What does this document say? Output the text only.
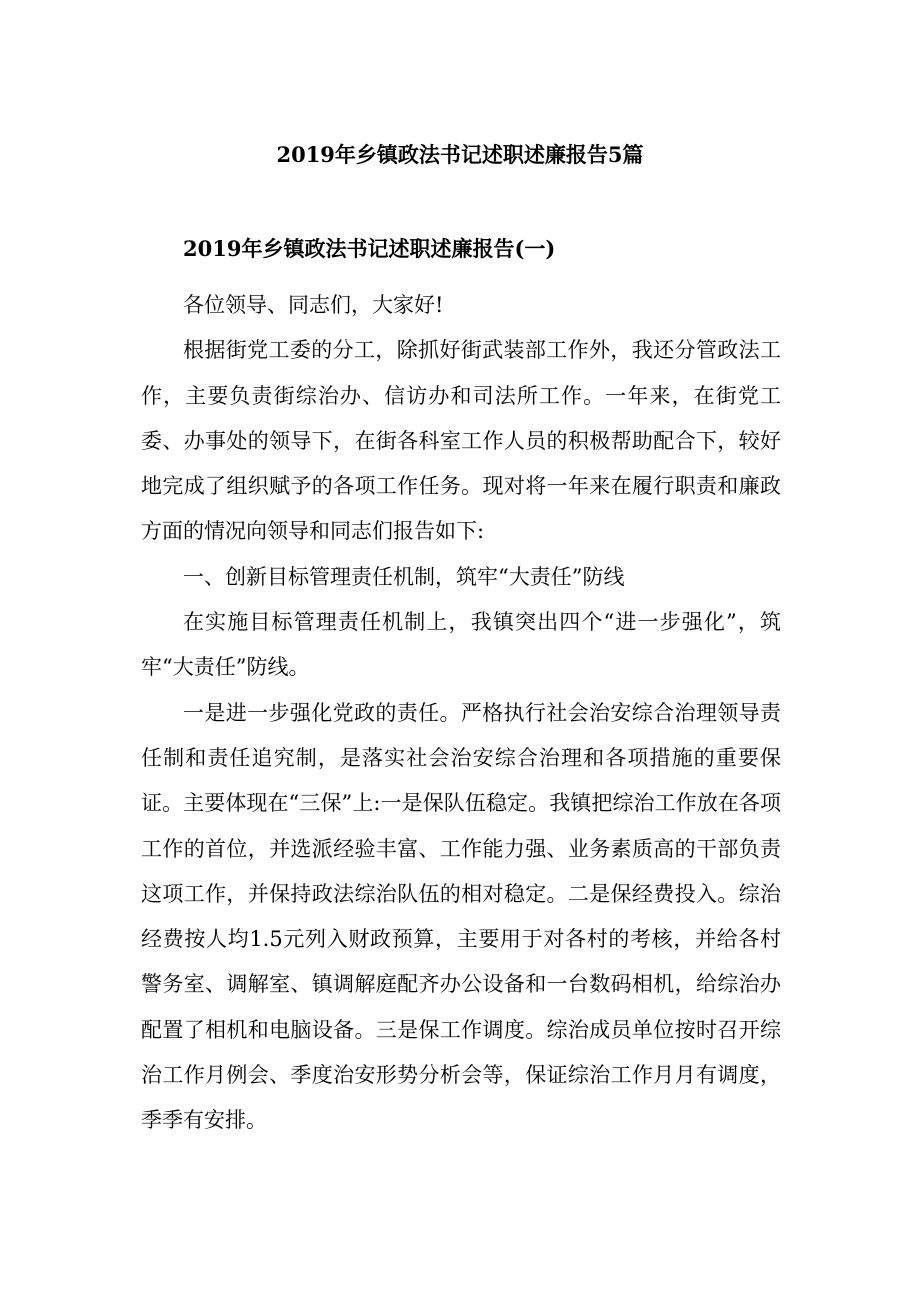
2019年乡镇政法书记述职述廉报告5篇
2019年乡镇政法书记述职述廉报告(一)

各位领导、同志们，大家好!

根据街党工委的分工，除抓好街武装部工作外，我还分管政法工作，主要负责街综治办、信访办和司法所工作。一年来，在街党工委、办事处的领导下，在街各科室工作人员的积极帮助配合下，较好地完成了组织赋予的各项工作任务。现对将一年来在履行职责和廉政方面的情况向领导和同志们报告如下:

一、创新目标管理责任机制，筑牢“大责任”防线

在实施目标管理责任机制上，我镇突出四个“进一步强化”，筑牢“大责任”防线。

一是进一步强化党政的责任。严格执行社会治安综合治理领导责任制和责任追究制，是落实社会治安综合治理和各项措施的重要保证。主要体现在“三保”上:一是保队伍稳定。我镇把综治工作放在各项工作的首位，并选派经验丰富、工作能力强、业务素质高的干部负责这项工作，并保持政法综治队伍的相对稳定。二是保经费投入。综治经费按人均1.5元列入财政预算，主要用于对各村的考核，并给各村警务室、调解室、镇调解庭配齐办公设备和一台数码相机，给综治办配置了相机和电脑设备。三是保工作调度。综治成员单位按时召开综治工作月例会、季度治安形势分析会等，保证综治工作月月有调度，季季有安排。
